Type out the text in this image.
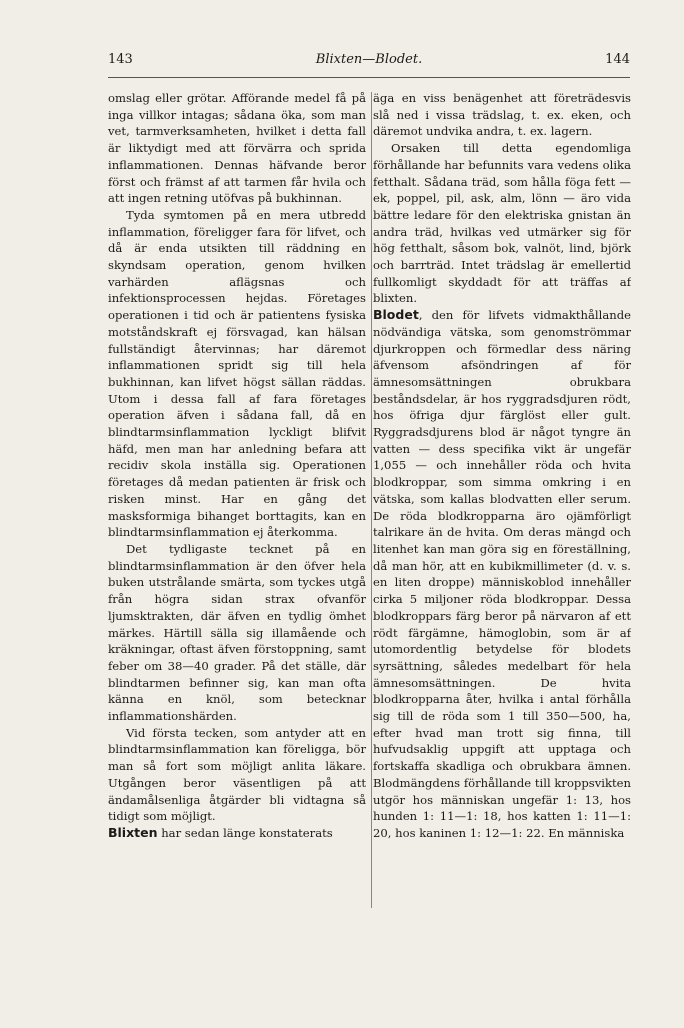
143	Blixten—Blodet.	144

omslag eller grötar. Afförande medel få på inga villkor intagas; sådana öka, som man vet, tarmverksamheten, hvilket i detta fall är liktydigt med att förvärra och sprida inflammationen. Dennas häfvande beror först och främst af att tarmen får hvila och att ingen retning utöfvas på bukhinnan.

Tyda symtomen på en mera utbredd inflammation, föreligger fara för lifvet, och då är enda utsikten till räddning en skyndsam operation, genom hvilken varhärden aflägsnas och infektionsprocessen hejdas. Företages operationen i tid och är patientens fysiska motståndskraft ej försvagad, kan hälsan fullständigt återvinnas; har däremot inflammationen spridt sig till hela bukhinnan, kan lifvet högst sällan räddas. Utom i dessa fall af fara företages operation äfven i sådana fall, då en blindtarmsinflammation lyckligt blifvit häfd, men man har anledning befara att recidiv skola inställa sig. Operationen företages då medan patienten är frisk och risken minst. Har en gång det masksformiga bihanget borttagits, kan en blindtarmsinflammation ej återkomma.

Det tydligaste tecknet på en blindtarmsinflammation är den öfver hela buken utstrålande smärta, som tyckes utgå från högra sidan strax ofvanför ljumsktrakten, där äfven en tydlig ömhet märkes. Härtill sälla sig illamående och kräkningar, oftast äfven förstoppning, samt feber om 38—40 grader. På det ställe, där blindtarmen befinner sig, kan man ofta känna en knöl, som betecknar inflammationshärden.

Vid första tecken, som antyder att en blindtarmsinflammation kan föreligga, bör man så fort som möjligt anlita läkare. Utgången beror väsentligen på att ändamålsenliga åtgärder bli vidtagna så tidigt som möjligt.

Blixten har sedan länge konstaterats

äga en viss benägenhet att företrädesvis slå ned i vissa trädslag, t. ex. eken, och däremot undvika andra, t. ex. lagern.

Orsaken till detta egendomliga förhållande har befunnits vara vedens olika fetthalt. Sådana träd, som hålla föga fett — ek, poppel, pil, ask, alm, lönn — äro vida bättre ledare för den elektriska gnistan än andra träd, hvilkas ved utmärker sig för hög fetthalt, såsom bok, valnöt, lind, björk och barrträd. Intet trädslag är emellertid fullkomligt skyddadt för att träffas af blixten.

Blodet, den för lifvets vidmakthållande nödvändiga vätska, som genomströmmar djurkroppen och förmedlar dess näring äfvensom afsöndringen af för ämnesomsättningen obrukbara beståndsdelar, är hos ryggradsdjuren rödt, hos öfriga djur färglöst eller gult. Ryggradsdjurens blod är något tyngre än vatten — dess specifika vikt är ungefär 1,055 — och innehåller röda och hvita blodkroppar, som simma omkring i en vätska, som kallas blodvatten eller serum. De röda blodkropparna äro ojämförligt talrikare än de hvita. Om deras mängd och litenhet kan man göra sig en föreställning, då man hör, att en kubikmillimeter (d. v. s. en liten droppe) människoblod innehåller cirka 5 miljoner röda blodkroppar. Dessa blodkroppars färg beror på närvaron af ett rödt färgämne, hämoglobin, som är af utomordentlig betydelse för blodets syrsättning, således medelbart för hela ämnesomsättningen. De hvita blodkropparna åter, hvilka i antal förhålla sig till de röda som 1 till 350—500, ha, efter hvad man trott sig finna, till hufvudsaklig uppgift att upptaga och fortskaffa skadliga och obrukbara ämnen. Blodmängdens förhållande till kroppsvikten utgör hos människan ungefär 1: 13, hos hunden 1: 11—1: 18, hos katten 1: 11—1: 20, hos kaninen 1: 12—1: 22. En människa
